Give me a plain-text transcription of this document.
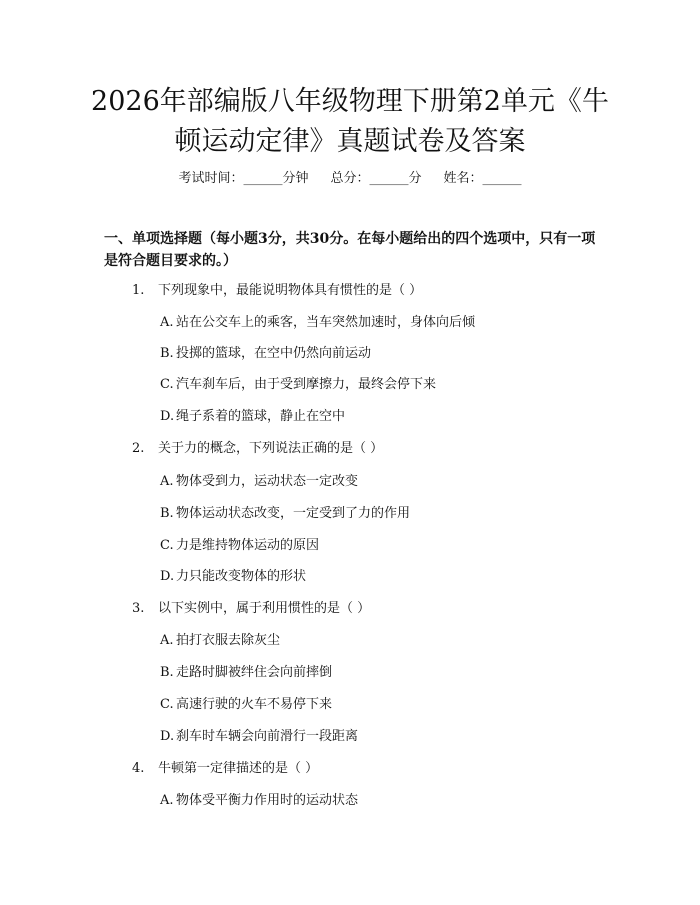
2026年部编版八年级物理下册第2单元《牛顿运动定律》真题试卷及答案
考试时间：______分钟 总分：______分 姓名：______

一、单项选择题（每小题3分，共30分。在每小题给出的四个选项中，只有一项是符合题目要求的。）

1. 下列现象中，最能说明物体具有惯性的是（ ）
A. 站在公交车上的乘客，当车突然加速时，身体向后倾
B. 投掷的篮球，在空中仍然向前运动
C. 汽车刹车后，由于受到摩擦力，最终会停下来
D. 绳子系着的篮球，静止在空中
2. 关于力的概念，下列说法正确的是（ ）
A. 物体受到力，运动状态一定改变
B. 物体运动状态改变，一定受到了力的作用
C. 力是维持物体运动的原因
D. 力只能改变物体的形状
3. 以下实例中，属于利用惯性的是（ ）
A. 拍打衣服去除灰尘
B. 走路时脚被绊住会向前摔倒
C. 高速行驶的火车不易停下来
D. 刹车时车辆会向前滑行一段距离
4. 牛顿第一定律描述的是（ ）
A. 物体受平衡力作用时的运动状态
